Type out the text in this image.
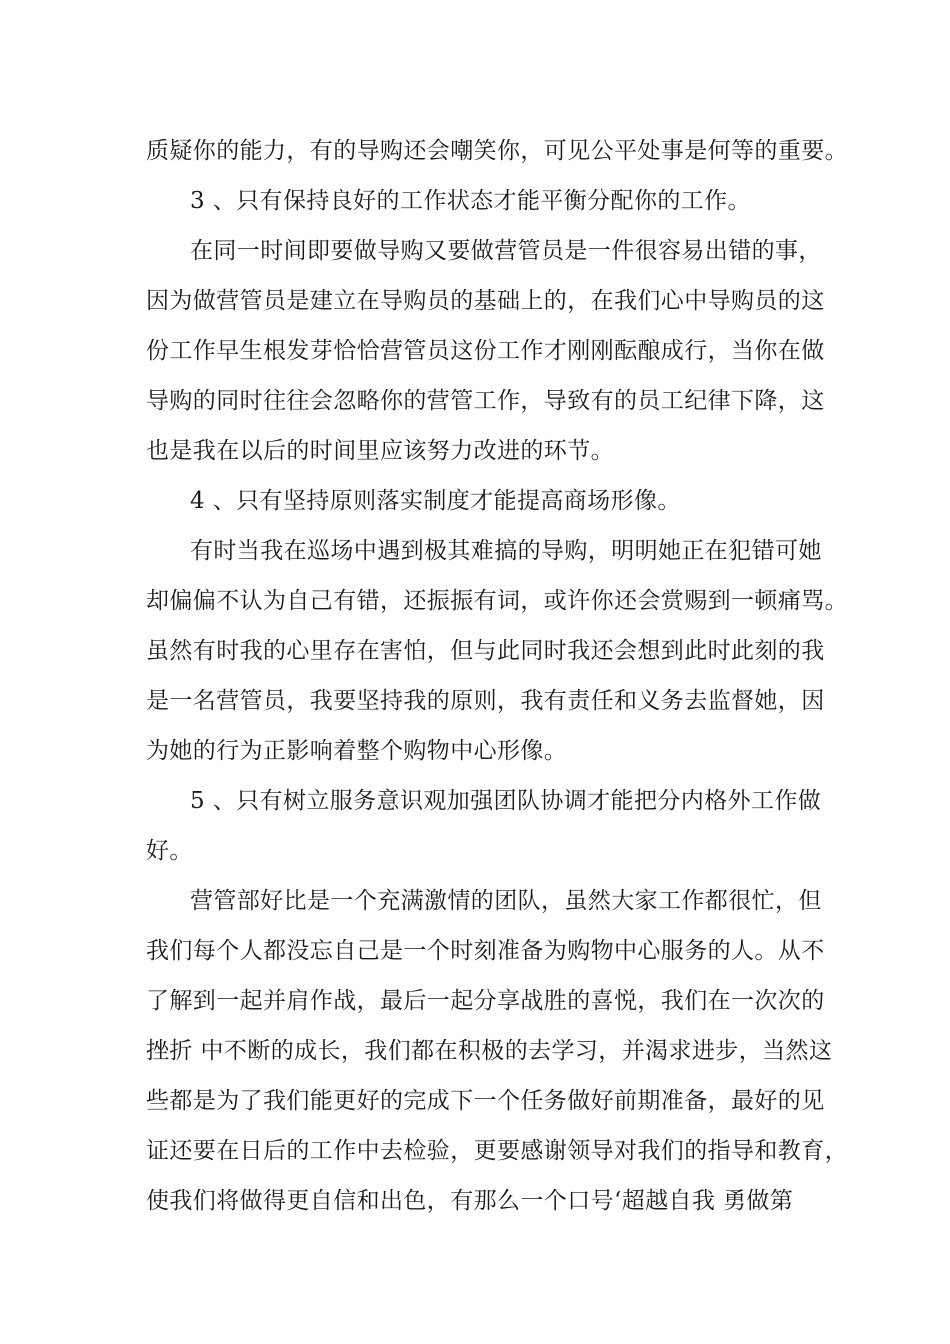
质疑你的能力，有的导购还会嘲笑你，可见公平处事是何等的重要。
3 、只有保持良好的工作状态才能平衡分配你的工作。
在同一时间即要做导购又要做营管员是一件很容易出错的事，
因为做营管员是建立在导购员的基础上的，在我们心中导购员的这
份工作早生根发芽恰恰营管员这份工作才刚刚酝酿成行，当你在做
导购的同时往往会忽略你的营管工作，导致有的员工纪律下降，这
也是我在以后的时间里应该努力改进的环节。
4 、只有坚持原则落实制度才能提高商场形像。
有时当我在巡场中遇到极其难搞的导购，明明她正在犯错可她
却偏偏不认为自己有错，还振振有词，或许你还会赏赐到一顿痛骂。
虽然有时我的心里存在害怕，但与此同时我还会想到此时此刻的我
是一名营管员，我要坚持我的原则，我有责任和义务去监督她，因
为她的行为正影响着整个购物中心形像。
5 、只有树立服务意识观加强团队协调才能把分内格外工作做
好。
营管部好比是一个充满激情的团队，虽然大家工作都很忙，但
我们每个人都没忘自己是一个时刻准备为购物中心服务的人。从不
了解到一起并肩作战，最后一起分享战胜的喜悦，我们在一次次的
挫折 中不断的成长，我们都在积极的去学习，并渴求进步，当然这
些都是为了我们能更好的完成下一个任务做好前期准备，最好的见
证还要在日后的工作中去检验，更要感谢领导对我们的指导和教育，
使我们将做得更自信和出色，有那么一个口号‘超越自我 勇做第
